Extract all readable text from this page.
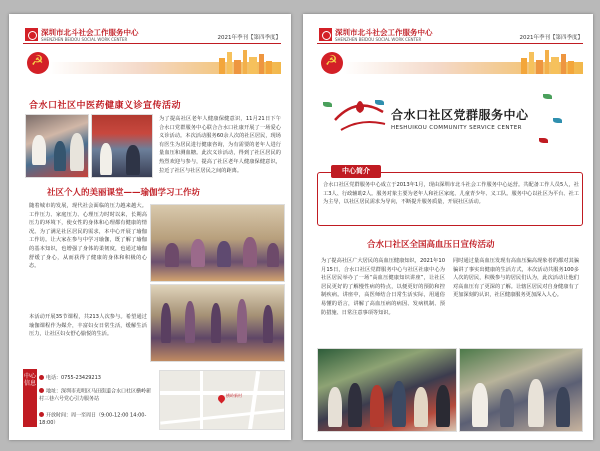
深圳市北斗社会工作服务中心
SHENZHEN BEIDOU SOCIAL WORK CENTER	2021年季刊【第四季度】
☭
合水口社区中医药健康义诊宣传活动
为了提高社区老年人健康保健意识，11月21日下午合水口党群服务中心联合合水口社康开展了一场爱心义诊活动。本次活动服务60余人次的社区居民，现场有医生为居民进行健康咨询，为有需要的老年人进行量血压和测血糖。此次义诊活动，得到了社区居民的热烈欢迎与参与，提高了社区老年人健康保健意识，拉近了社区与社区居民之间的距离。
社区个人的美丽课堂——瑜伽学习工作坊
随着城市的发展，现代社会面临的压力越来越大。工作压力、家庭压力、心理压力时时以来，长期高压力的环境下，使女性的身体和心理都有健康的情况。为了满足社区居民的需求，本中心开展了瑜伽工作坊。让大家在参与中学习瑜伽，既了解了瑜伽的基本知识，也增强了身体的柔韧度，也通过瑜伽舒缓了身心，从而获得了健康的身体和积极的心态。
本活动开展35节课程，共213人次参与。希望通过瑜伽课程作为媒介，丰富妇女日常生活，缓解生活压力，让社区妇女舒心愉悦的生活。
中心信息
电话：0755-23429213
地址：深圳市光明区马田街道合水口社区横岭新村三巷六号党心引力服务站
开放时间：周一至周日（9:00-12:00 14:00-18:00）
横岭新村
深圳市北斗社会工作服务中心
SHENZHEN BEIDOU SOCIAL WORK CENTER	2021年季刊【第四季度】
☭
合水口社区党群服务中心
HESHUIKOU COMMUNITY SERVICE CENTER
中心简介
合水口社区党群服务中心成立于2013年1月，现由深圳市北斗社会工作服务中心运营。共配备工作人员5人，社工3人、行政辅助2人。服务对象主要为老年人和社区家庭、儿童青少年、义工队。服务中心以社区为平台、社工为主导，以社区居民需求为导向，不断提升服务质量，开展社区活动。
合水口社区全国高血压日宣传活动
为了提高社区广大居民的高血压健康知识，2021年10月15日，合水口社区党群服务中心与社区社康中心为社区居民举办了一场“高血压健康知识讲座”，让社区居民更好的了解慢性病的特点，以便更好的预防和控制疾病。讲座中，高医师结合日常生活实际，用通俗易懂的语言，讲解了高血压病的病因、发病机制、预防措施、日常注意事项等知识。
同时通过量高血压发现有高血压骗高现象者的都对其骗骗讲了事实出健康的生活方式，本次活动共服务100多人次的居民，积极参与的居民们认为，此次活动让他们对高血压有了更深的了解。让辖区居民对自身健康有了更加深刻的认识，社区健康服务更加深入人心。
